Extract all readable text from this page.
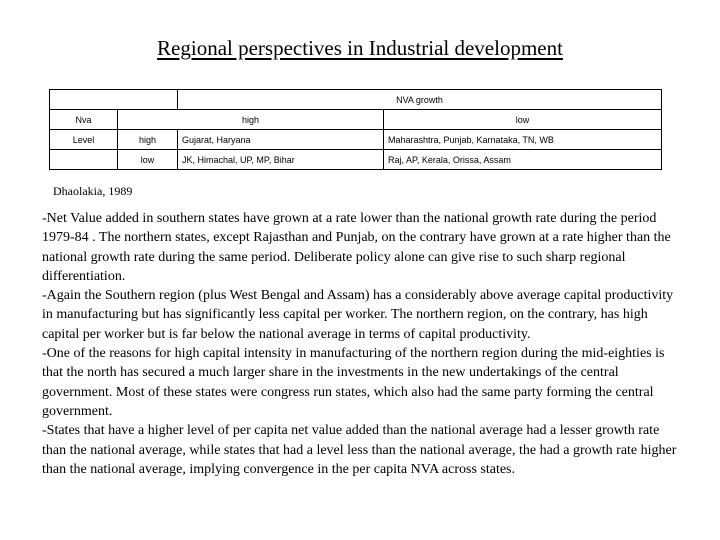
Regional perspectives in Industrial development
		NVA growth	
Nva	high		low
Level	high	Gujarat, Haryana	Maharashtra, Punjab, Karnataka, TN, WB
	low	JK, Himachal, UP, MP, Bihar	Raj, AP, Kerala, Orissa, Assam
Dhaolakia, 1989

-Net Value added in southern states have grown at a rate lower than the national growth rate during the period 1979-84 . The northern states, except Rajasthan and Punjab, on the contrary have grown at a rate higher than the national growth rate during the same period. Deliberate policy alone can give rise to such sharp regional differentiation.

-Again the Southern region (plus West Bengal and Assam) has a considerably above average capital productivity in manufacturing but has significantly less capital per worker. The northern region, on the contrary, has high capital per worker but is far below the national average in terms of capital productivity.

-One of the reasons for high capital intensity in manufacturing of the northern region during the mid-eighties is that the north has secured a much larger share in the investments in the new undertakings of the central government. Most of these states were congress run states, which also had the same party forming the central government.

-States that have a higher level of per capita net value added than the national average had a lesser growth rate than the national average, while states that had a level less than the national average, the had a growth rate higher than the national average, implying convergence in the per capita NVA across states.
